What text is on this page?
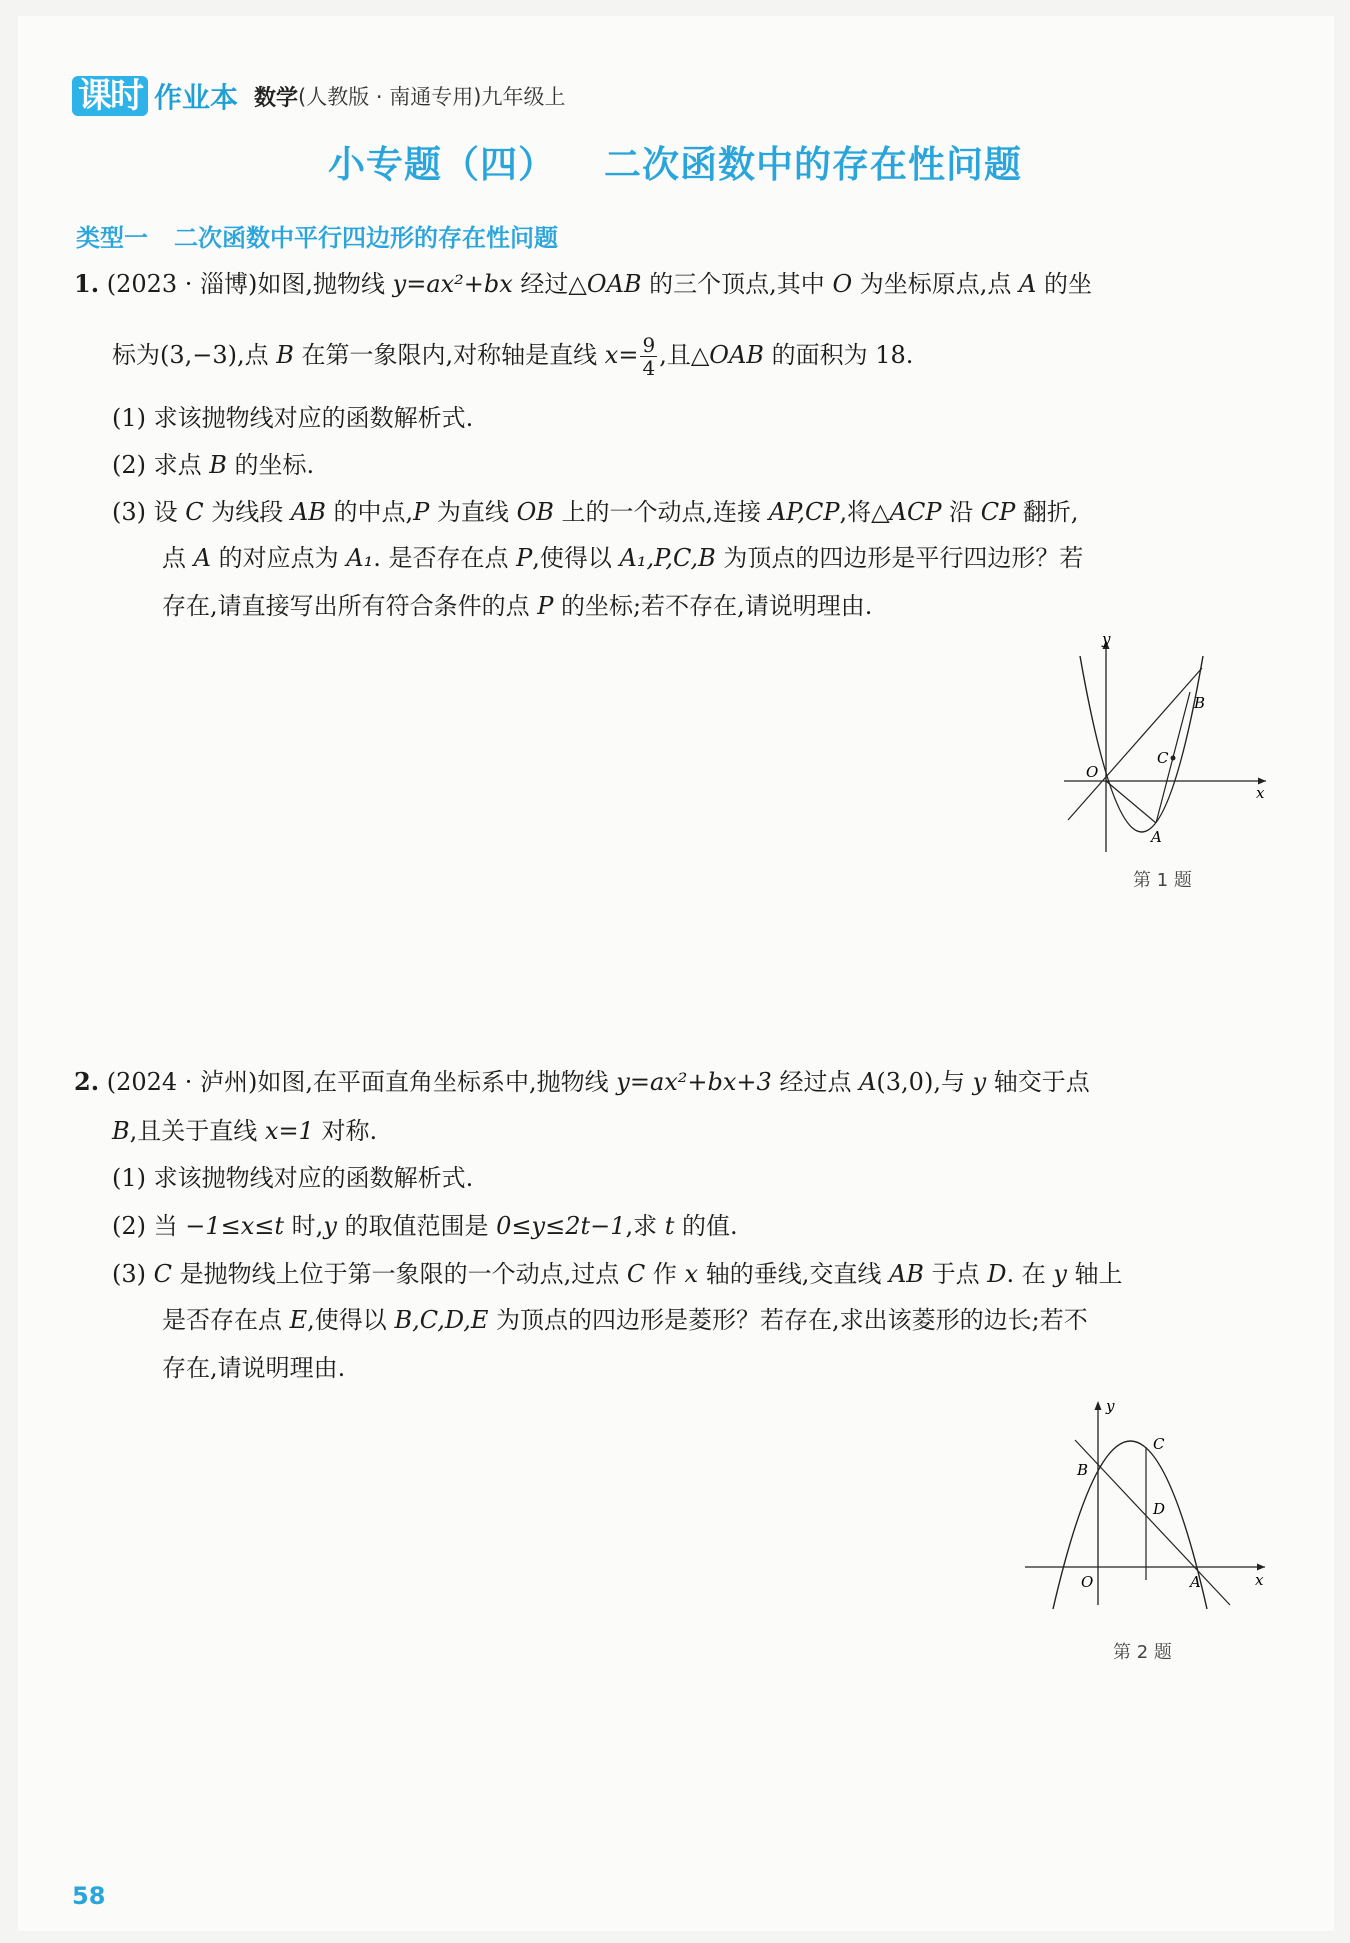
课时 作业本 数学 (人教版 · 南通专用)九年级上
小专题（四） 二次函数中的存在性问题
类型一 二次函数中平行四边形的存在性问题
1. (2023 · 淄博)如图,抛物线 y=ax²+bx 经过△OAB 的三个顶点,其中 O 为坐标原点,点 A 的坐
标为(3,−3),点 B 在第一象限内,对称轴是直线 $x= \frac{9}{4}$ ,且△OAB 的面积为 18.
(1) 求该抛物线对应的函数解析式.
(2) 求点 B 的坐标.
(3) 设 C 为线段 AB 的中点,P 为直线 OB 上的一个动点,连接 AP,CP,将△ACP 沿 CP 翻折,
点 A 的对应点为 A₁. 是否存在点 P,使得以 A₁,P,C,B 为顶点的四边形是平行四边形？若
存在,请直接写出所有符合条件的点 P 的坐标;若不存在,请说明理由.
y
x
O
A
B
C
第 1 题
2. (2024 · 泸州)如图,在平面直角坐标系中,抛物线 y=ax²+bx+3 经过点 A(3,0),与 y 轴交于点
B,且关于直线 x=1 对称.
(1) 求该抛物线对应的函数解析式.
(2) 当 −1≤x≤t 时,y 的取值范围是 0≤y≤2t−1,求 t 的值.
(3) C 是抛物线上位于第一象限的一个动点,过点 C 作 x 轴的垂线,交直线 AB 于点 D. 在 y 轴上
是否存在点 E,使得以 B,C,D,E 为顶点的四边形是菱形？若存在,求出该菱形的边长;若不
存在,请说明理由.
y
x
O	A
B
C
D
第 2 题
58
